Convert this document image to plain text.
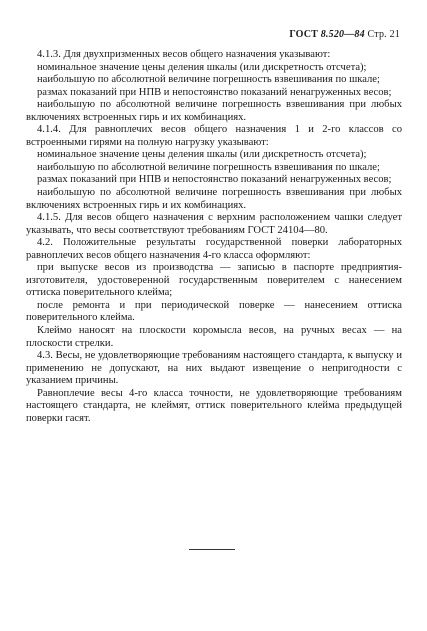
ГОСТ 8.520—84 Стр. 21

4.1.3. Для двухпризменных весов общего назначения указывают:

номинальное значение цены деления шкалы (или дискретность отсчета);

наибольшую по абсолютной величине погрешность взвешивания по шкале;

размах показаний при НПВ и непостоянство показаний ненагруженных весов;

наибольшую по абсолютной величине погрешность взвешивания при любых включениях встроенных гирь и их комбинациях.

4.1.4. Для равноплечих весов общего назначения 1 и 2-го классов со встроенными гирями на полную нагрузку указывают:

номинальное значение цены деления шкалы (или дискретность отсчета);

наибольшую по абсолютной величине погрешность взвешивания по шкале;

размах показаний при НПВ и непостоянство показаний ненагруженных весов;

наибольшую по абсолютной величине погрешность взвешивания при любых включениях встроенных гирь и их комбинациях.

4.1.5. Для весов общего назначения с верхним расположением чашки следует указывать, что весы соответствуют требованиям ГОСТ 24104—80.

4.2. Положительные результаты государственной поверки лабораторных равноплечих весов общего назначения 4-го класса оформляют:

при выпуске весов из производства — записью в паспорте предприятия-изготовителя, удостоверенной государственным поверителем с нанесением оттиска поверительного клейма;

после ремонта и при периодической поверке — нанесением оттиска поверительного клейма.

Клеймо наносят на плоскости коромысла весов, на ручных весах — на плоскости стрелки.

4.3. Весы, не удовлетворяющие требованиям настоящего стандарта, к выпуску и применению не допускают, на них выдают извещение о непригодности с указанием причины.

Равноплечие весы 4-го класса точности, не удовлетворяющие требованиям настоящего стандарта, не клеймят, оттиск поверительного клейма предыдущей поверки гасят.
